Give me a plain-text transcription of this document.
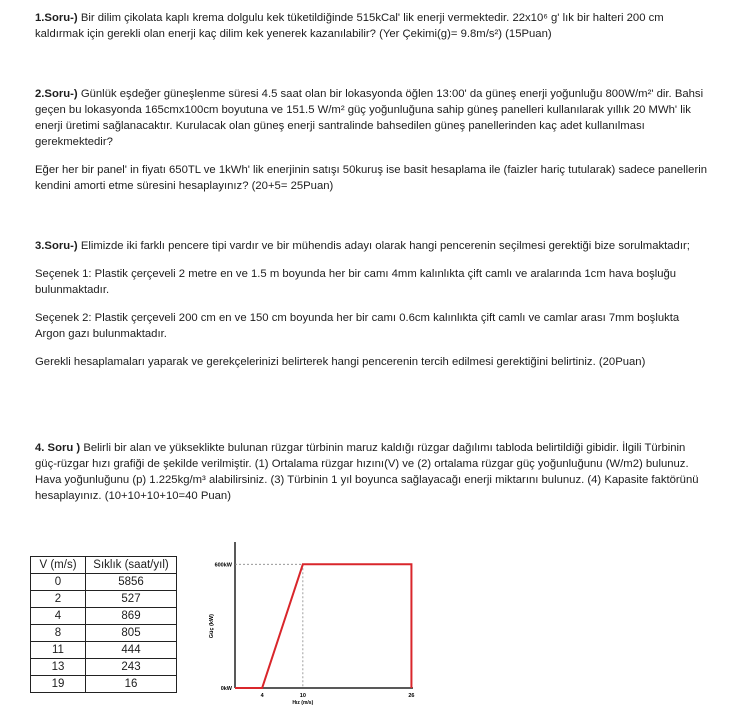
1.Soru-) Bir dilim çikolata kaplı krema dolgulu kek tüketildiğinde 515kCal' lik enerji vermektedir. 22x10⁶ g' lık bir halteri 200 cm kaldırmak için gerekli olan enerji kaç dilim kek yenerek kazanılabilir? (Yer Çekimi(g)= 9.8m/s²) (15Puan)

2.Soru-) Günlük eşdeğer güneşlenme süresi 4.5 saat olan bir lokasyonda öğlen 13:00' da güneş enerji yoğunluğu 800W/m²' dir. Bahsi geçen bu lokasyonda 165cmx100cm boyutuna ve 151.5 W/m² güç yoğunluğuna sahip güneş panelleri kullanılarak yıllık 20 MWh' lik enerji üretimi sağlanacaktır. Kurulacak olan güneş enerji santralinde bahsedilen güneş panellerinden kaç adet kullanılması gerekmektedir?

Eğer her bir panel' in fiyatı 650TL ve 1kWh' lik enerjinin satışı 50kuruş ise basit hesaplama ile (faizler hariç tutularak) sadece panellerin kendini amorti etme süresini hesaplayınız? (20+5= 25Puan)

3.Soru-) Elimizde iki farklı pencere tipi vardır ve bir mühendis adayı olarak hangi pencerenin seçilmesi gerektiği bize sorulmaktadır;

Seçenek 1: Plastik çerçeveli 2 metre en ve 1.5 m boyunda her bir camı 4mm kalınlıkta çift camlı ve aralarında 1cm hava boşluğu bulunmaktadır.

Seçenek 2: Plastik çerçeveli 200 cm en ve 150 cm boyunda her bir camı 0.6cm kalınlıkta çift camlı ve camlar arası 7mm boşlukta Argon gazı bulunmaktadır.

Gerekli hesaplamaları yaparak ve gerekçelerinizi belirterek hangi pencerenin tercih edilmesi gerektiğini belirtiniz. (20Puan)

4. Soru ) Belirli bir alan ve yükseklikte bulunan rüzgar türbinin maruz kaldığı rüzgar dağılımı tabloda belirtildiği gibidir. İlgili Türbinin güç-rüzgar hızı grafiği de şekilde verilmiştir. (1) Ortalama rüzgar hızını(V) ve (2) ortalama rüzgar güç yoğunluğunu (W/m2) bulunuz. Hava yoğunluğunu (p) 1.225kg/m³ alabilirsiniz. (3) Türbinin 1 yıl boyunca sağlayacağı enerji miktarını bulunuz. (4) Kapasite faktörünü hesaplayınız. (10+10+10+10=40 Puan)

V (m/s)	Sıklık (saat/yıl)
0	5856
2	527
4	869
8	805
11	444
13	243
19	16
600kW
0kW
4	10	26
Hız (m/s)
Güç (kW)
